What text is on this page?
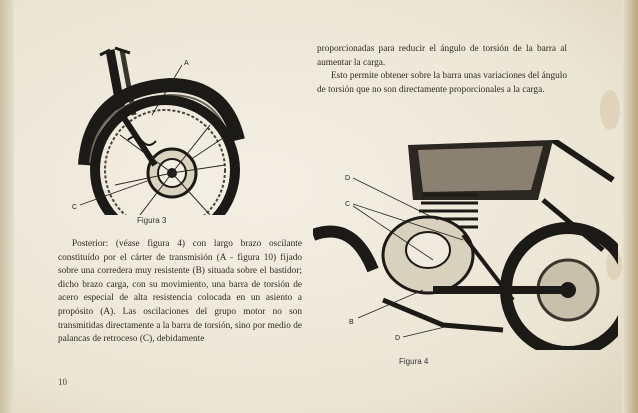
A
B
C
Figura 3
D
C
B
D
Figura 4

proporcionadas para reducir el ángulo de torsión de la barra al aumentar la carga.

Esto permite obtener sobre la barra unas variaciones del ángulo de torsión que no son directamente proporcionales a la carga.

Posterior: (véase figura 4) con largo brazo oscilante constituído por el cárter de transmisión (A - figura 10) fijado sobre una corredera muy resistente (B) situada sobre el bastidor; dicho brazo carga, con su movimiento, una barra de torsión de acero especial de alta resistencia colocada en un asiento a propósito (A). Las oscilaciones del grupo motor no son transmitidas directamente a la barra de torsión, sino por medio de palancas de retroceso (C), debidamente

10
